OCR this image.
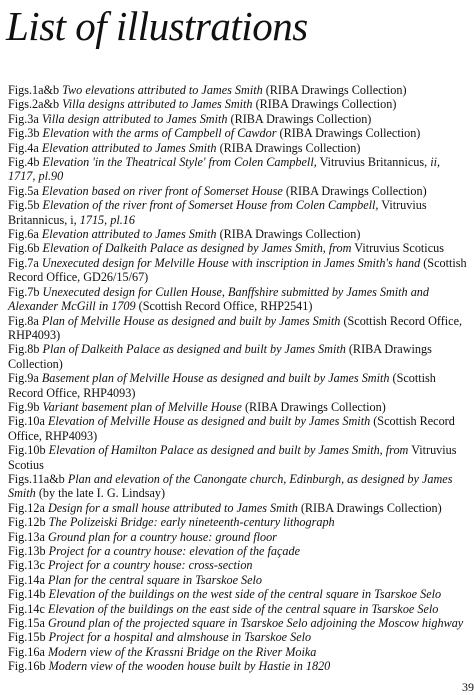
List of illustrations

Figs.1a&b Two elevations attributed to James Smith (RIBA Drawings Collection)

Figs.2a&b Villa designs attributed to James Smith (RIBA Drawings Collection)

Fig.3a Villa design attributed to James Smith (RIBA Drawings Collection)

Fig.3b Elevation with the arms of Campbell of Cawdor (RIBA Drawings Collection)

Fig.4a Elevation attributed to James Smith (RIBA Drawings Collection)

Fig.4b Elevation 'in the Theatrical Style' from Colen Campbell, Vitruvius Britannicus, ii, 1717, pl.90

Fig.5a Elevation based on river front of Somerset House (RIBA Drawings Collection)

Fig.5b Elevation of the river front of Somerset House from Colen Campbell, Vitruvius Britannicus, i, 1715, pl.16

Fig.6a Elevation attributed to James Smith (RIBA Drawings Collection)

Fig.6b Elevation of Dalkeith Palace as designed by James Smith, from Vitruvius Scoticus

Fig.7a Unexecuted design for Melville House with inscription in James Smith's hand (Scottish Record Office, GD26/15/67)

Fig.7b Unexecuted design for Cullen House, Banffshire submitted by James Smith and Alexander McGill in 1709 (Scottish Record Office, RHP2541)

Fig.8a Plan of Melville House as designed and built by James Smith (Scottish Record Office, RHP4093)

Fig.8b Plan of Dalkeith Palace as designed and built by James Smith (RIBA Drawings Collection)

Fig.9a Basement plan of Melville House as designed and built by James Smith (Scottish Record Office, RHP4093)

Fig.9b Variant basement plan of Melville House (RIBA Drawings Collection)

Fig.10a Elevation of Melville House as designed and built by James Smith (Scottish Record Office, RHP4093)

Fig.10b Elevation of Hamilton Palace as designed and built by James Smith, from Vitruvius Scotius

Figs.11a&b Plan and elevation of the Canongate church, Edinburgh, as designed by James Smith (by the late I. G. Lindsay)

Fig.12a Design for a small house attributed to James Smith (RIBA Drawings Collection)

Fig.12b The Polizeiski Bridge: early nineteenth-century lithograph

Fig.13a Ground plan for a country house: ground floor

Fig.13b Project for a country house: elevation of the façade

Fig.13c Project for a country house: cross-section

Fig.14a Plan for the central square in Tsarskoe Selo

Fig.14b Elevation of the buildings on the west side of the central square in Tsarskoe Selo

Fig.14c Elevation of the buildings on the east side of the central square in Tsarskoe Selo

Fig.15a Ground plan of the projected square in Tsarskoe Selo adjoining the Moscow highway

Fig.15b Project for a hospital and almshouse in Tsarskoe Selo

Fig.16a Modern view of the Krassni Bridge on the River Moika

Fig.16b Modern view of the wooden house built by Hastie in 1820

39
